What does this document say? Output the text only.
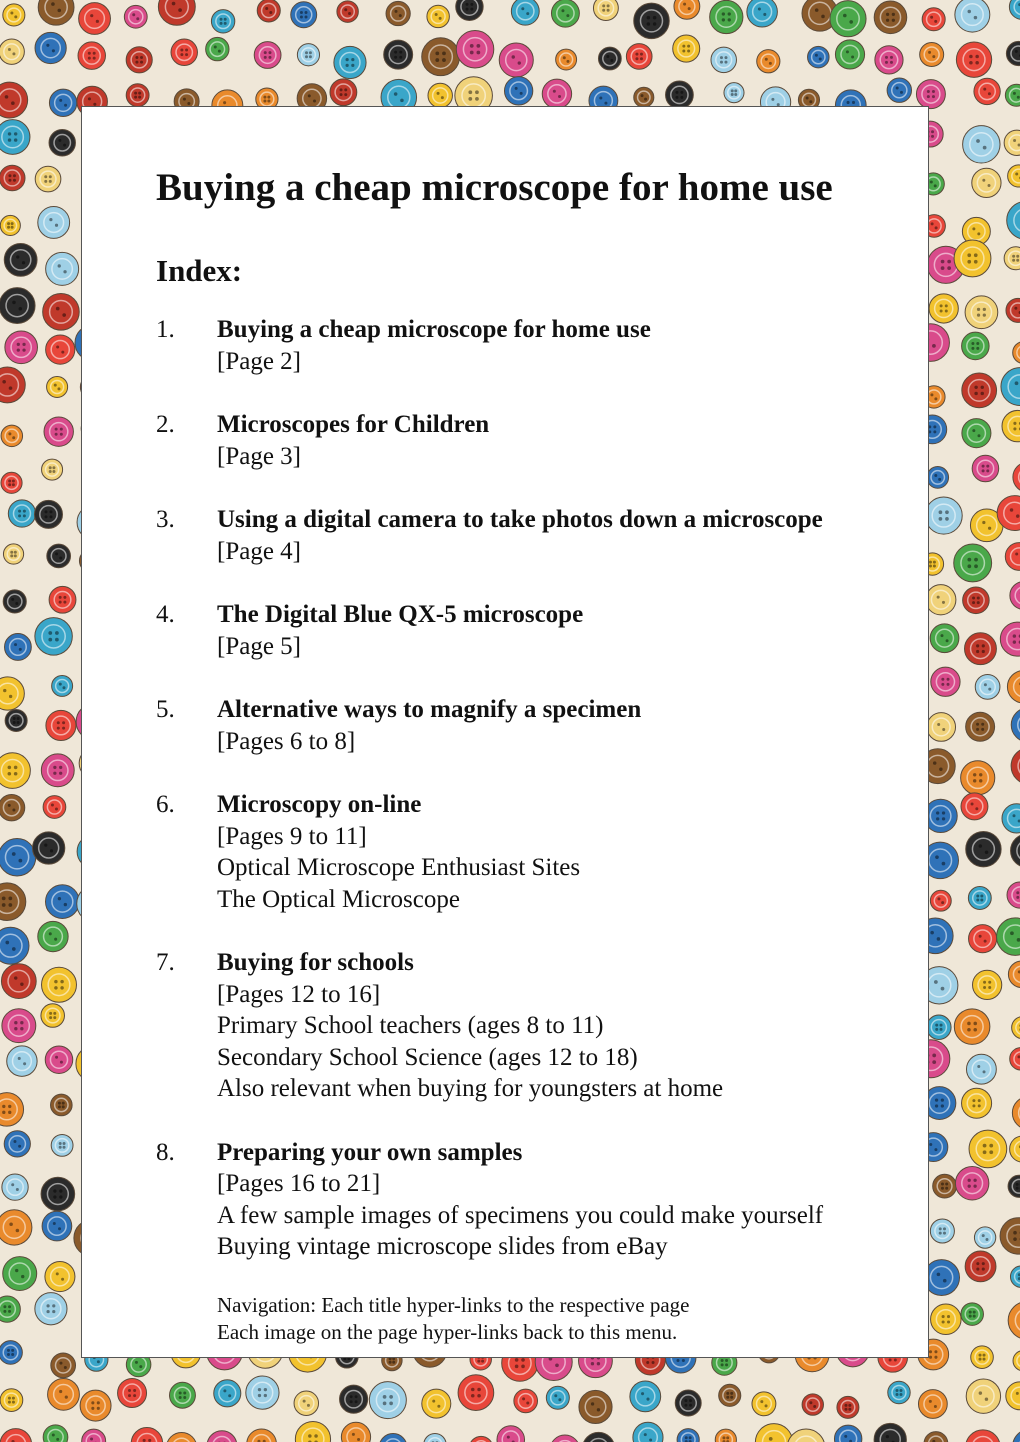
Buying a cheap microscope for home use
Index:
1. Buying a cheap microscope for home use
[Page 2]
2. Microscopes for Children
[Page 3]
3. Using a digital camera to take photos down a microscope
[Page 4]
4. The Digital Blue QX-5 microscope
[Page 5]
5. Alternative ways to magnify a specimen
[Pages 6 to 8]
6. Microscopy on-line
[Pages 9 to 11]
Optical Microscope Enthusiast Sites
The Optical Microscope
7. Buying for schools
[Pages 12 to 16]
Primary School teachers (ages 8 to 11)
Secondary School Science (ages 12 to 18)
Also relevant when buying for youngsters at home
8. Preparing your own samples
[Pages 16 to 21]
A few sample images of specimens you could make yourself
Buying vintage microscope slides from eBay
Navigation: Each title hyper-links to the respective page
Each image on the page hyper-links back to this menu.
